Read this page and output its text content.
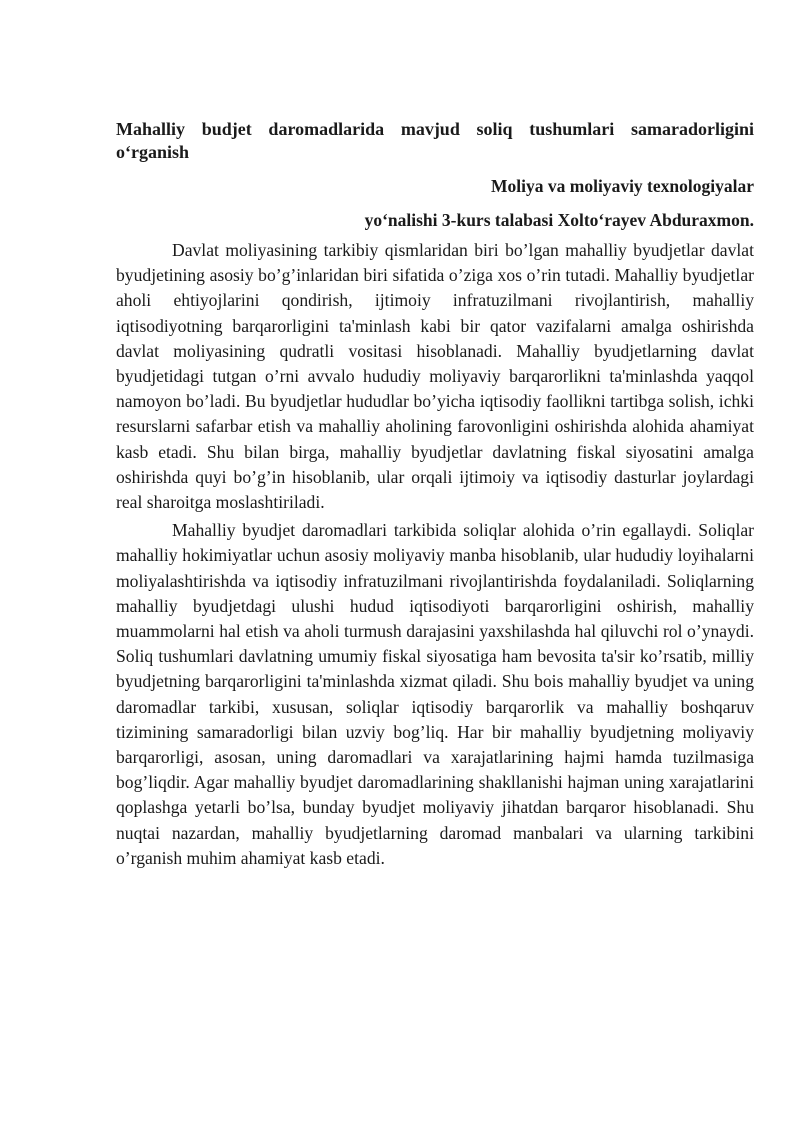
Mahalliy budjet daromadlarida mavjud soliq tushumlari samaradorligini o‘rganish

Moliya va moliyaviy texnologiyalar

yo‘nalishi 3-kurs talabasi Xolto‘rayev Abduraxmon.

Davlat moliyasining tarkibiy qismlaridan biri bo’lgan mahalliy byudjetlar davlat byudjetining asosiy bo’g’inlaridan biri sifatida o’ziga xos o’rin tutadi. Mahalliy byudjetlar aholi ehtiyojlarini qondirish, ijtimoiy infratuzilmani rivojlantirish, mahalliy iqtisodiyotning barqarorligini ta'minlash kabi bir qator vazifalarni amalga oshirishda davlat moliyasining qudratli vositasi hisoblanadi. Mahalliy byudjetlarning davlat byudjetidagi tutgan o’rni avvalo hududiy moliyaviy barqarorlikni ta'minlashda yaqqol namoyon bo’ladi. Bu byudjetlar hududlar bo’yicha iqtisodiy faollikni tartibga solish, ichki resurslarni safarbar etish va mahalliy aholining farovonligini oshirishda alohida ahamiyat kasb etadi. Shu bilan birga, mahalliy byudjetlar davlatning fiskal siyosatini amalga oshirishda quyi bo’g’in hisoblanib, ular orqali ijtimoiy va iqtisodiy dasturlar joylardagi real sharoitga moslashtiriladi.

Mahalliy byudjet daromadlari tarkibida soliqlar alohida o’rin egallaydi. Soliqlar mahalliy hokimiyatlar uchun asosiy moliyaviy manba hisoblanib, ular hududiy loyihalarni moliyalashtirishda va iqtisodiy infratuzilmani rivojlantirishda foydalaniladi. Soliqlarning mahalliy byudjetdagi ulushi hudud iqtisodiyoti barqarorligini oshirish, mahalliy muammolarni hal etish va aholi turmush darajasini yaxshilashda hal qiluvchi rol o’ynaydi. Soliq tushumlari davlatning umumiy fiskal siyosatiga ham bevosita ta'sir ko’rsatib, milliy byudjetning barqarorligini ta'minlashda xizmat qiladi. Shu bois mahalliy byudjet va uning daromadlar tarkibi, xususan, soliqlar iqtisodiy barqarorlik va mahalliy boshqaruv tizimining samaradorligi bilan uzviy bog’liq. Har bir mahalliy byudjetning moliyaviy barqarorligi, asosan, uning daromadlari va xarajatlarining hajmi hamda tuzilmasiga bog’liqdir. Agar mahalliy byudjet daromadlarining shakllanishi hajman uning xarajatlarini qoplashga yetarli bo’lsa, bunday byudjet moliyaviy jihatdan barqaror hisoblanadi. Shu nuqtai nazardan, mahalliy byudjetlarning daromad manbalari va ularning tarkibini o’rganish muhim ahamiyat kasb etadi.
